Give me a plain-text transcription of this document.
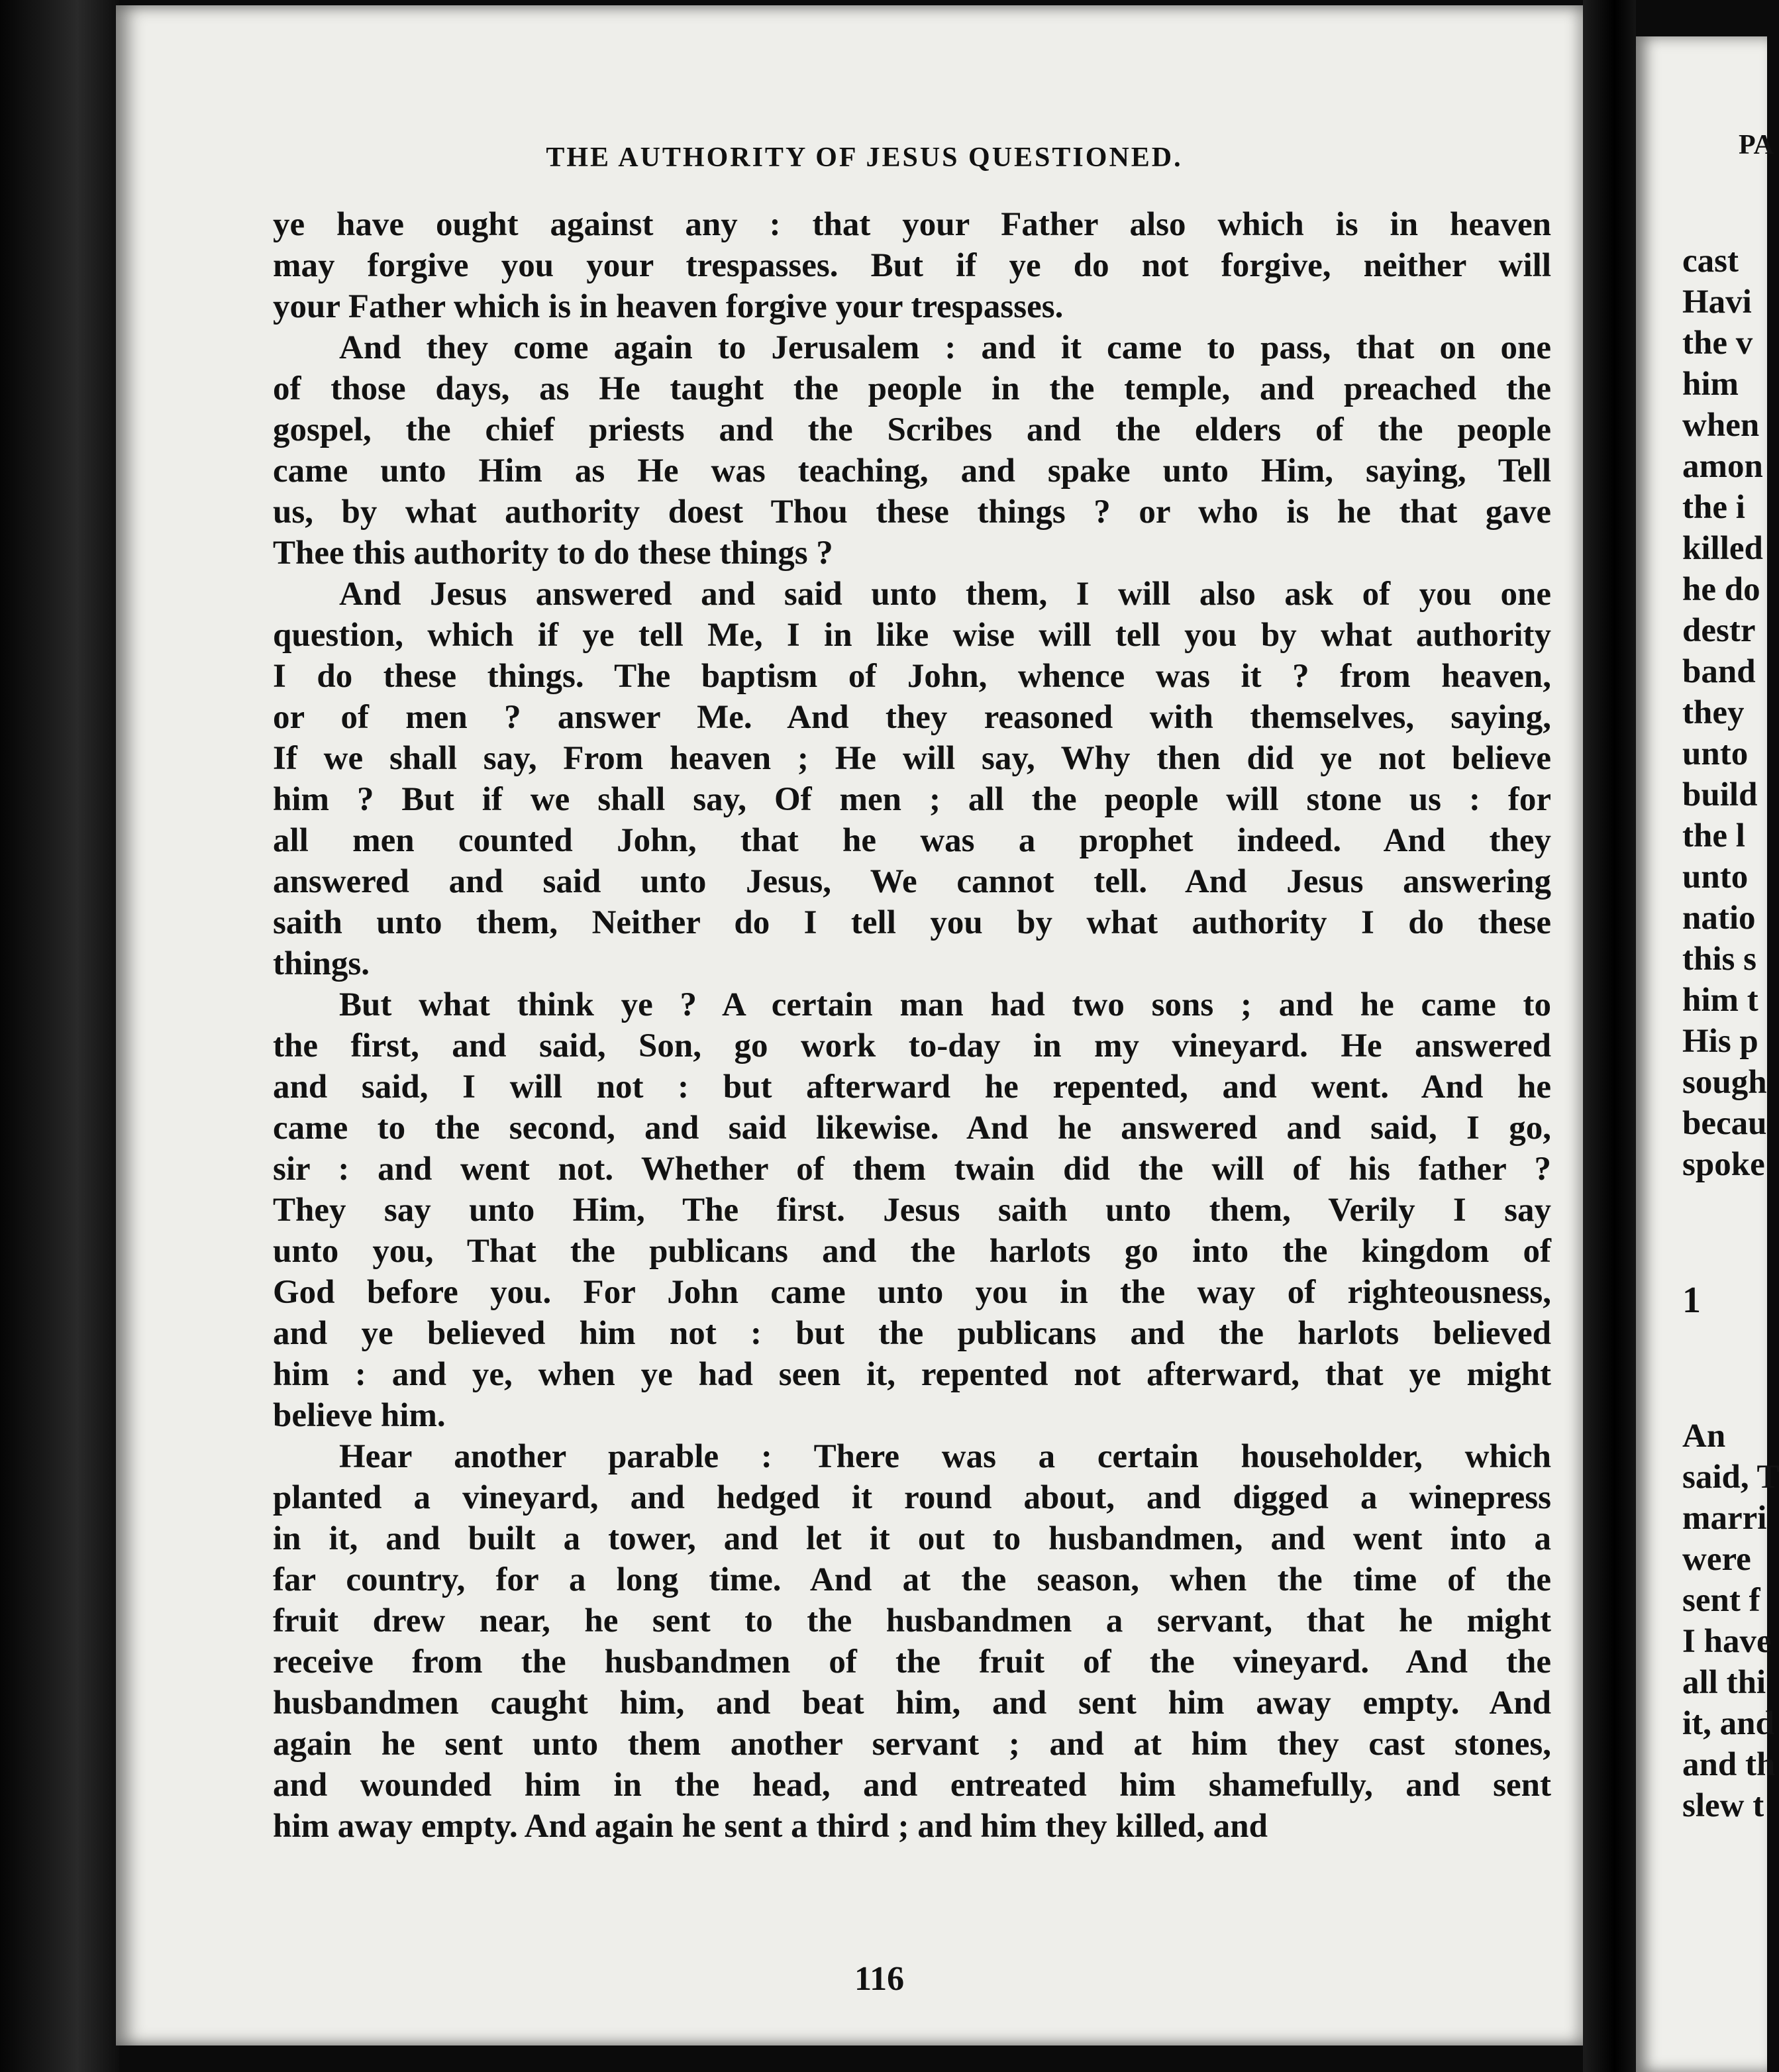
THE AUTHORITY OF JESUS QUESTIONED.
ye have ought against any : that your Father also which is in heaven
may forgive you your trespasses. But if ye do not forgive, neither will
your Father which is in heaven forgive your trespasses.
And they come again to Jerusalem : and it came to pass, that on one
of those days, as He taught the people in the temple, and preached the
gospel, the chief priests and the Scribes and the elders of the people
came unto Him as He was teaching, and spake unto Him, saying, Tell
us, by what authority doest Thou these things ? or who is he that gave
Thee this authority to do these things ?
And Jesus answered and said unto them, I will also ask of you one
question, which if ye tell Me, I in like wise will tell you by what authority
I do these things. The baptism of John, whence was it ? from heaven,
or of men ? answer Me. And they reasoned with themselves, saying,
If we shall say, From heaven ; He will say, Why then did ye not believe
him ? But if we shall say, Of men ; all the people will stone us : for
all men counted John, that he was a prophet indeed. And they
answered and said unto Jesus, We cannot tell. And Jesus answering
saith unto them, Neither do I tell you by what authority I do these
things.
But what think ye ? A certain man had two sons ; and he came to
the first, and said, Son, go work to-day in my vineyard. He answered
and said, I will not : but afterward he repented, and went. And he
came to the second, and said likewise. And he answered and said, I go,
sir : and went not. Whether of them twain did the will of his father ?
They say unto Him, The first. Jesus saith unto them, Verily I say
unto you, That the publicans and the harlots go into the kingdom of
God before you. For John came unto you in the way of righteousness,
and ye believed him not : but the publicans and the harlots believed
him : and ye, when ye had seen it, repented not afterward, that ye might
believe him.
Hear another parable : There was a certain householder, which
planted a vineyard, and hedged it round about, and digged a winepress
in it, and built a tower, and let it out to husbandmen, and went into a
far country, for a long time. And at the season, when the time of the
fruit drew near, he sent to the husbandmen a servant, that he might
receive from the husbandmen of the fruit of the vineyard. And the
husbandmen caught him, and beat him, and sent him away empty. And
again he sent unto them another servant ; and at him they cast stones,
and wounded him in the head, and entreated him shamefully, and sent
him away empty. And again he sent a third ; and him they killed, and
116
PA
cast
Havi
the v
him
when
amon
the i
killed
he do
destr
band
they
unto
build
the l
unto
natio
this s
him t
His p
sough
becau
spoke
1
An
said, T
marri
were
sent f
I have
all thi
it, and
and th
slew t
